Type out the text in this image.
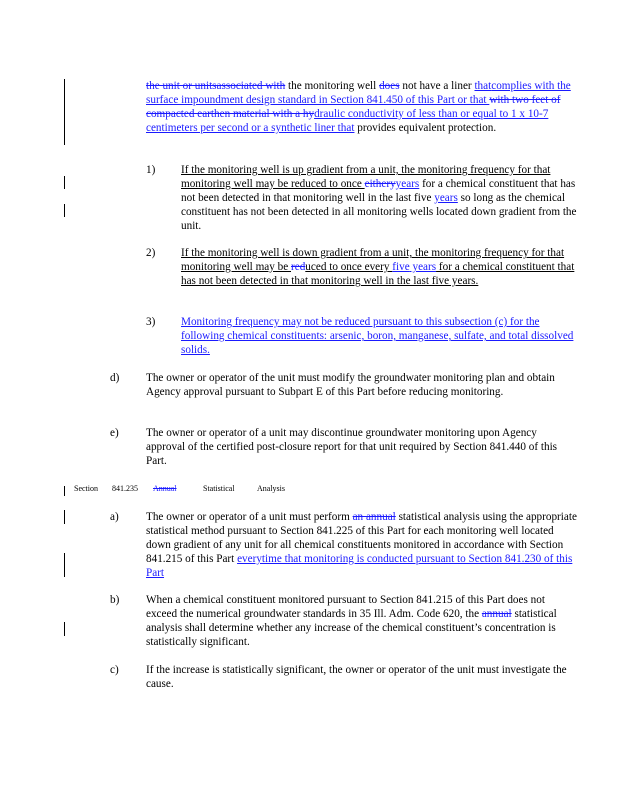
the unit or unitsassociated with the monitoring well does not have a liner thatcomplies with the surface impoundment design standard in Section 841.450 of this Part or that with two feet of compacted earthen material with a hydraulic conductivity of less than or equal to 1 x 10-7 centimeters per second or a synthetic liner that provides equivalent protection.
1) If the monitoring well is up gradient from a unit, the monitoring frequency for that monitoring well may be reduced to once eitheryyears for a chemical constituent that has not been detected in that monitoring well in the last five years so long as the chemical constituent has not been detected in all monitoring wells located down gradient from the unit.
2) If the monitoring well is down gradient from a unit, the monitoring frequency for that monitoring well may be reduced to once every five years for a chemical constituent that has not been detected in that monitoring well in the last five years.
3) Monitoring frequency may not be reduced pursuant to this subsection (c) for the following chemical constituents: arsenic, boron, manganese, sulfate, and total dissolved solids.
d) The owner or operator of the unit must modify the groundwater monitoring plan and obtain Agency approval pursuant to Subpart E of this Part before reducing monitoring.
e) The owner or operator of a unit may discontinue groundwater monitoring upon Agency approval of the certified post-closure report for that unit required by Section 841.440 of this Part.
Section 841.235 Annual	Statistical	Analysis
a) The owner or operator of a unit must perform an annual statistical analysis using the appropriate statistical method pursuant to Section 841.225 of this Part for each monitoring well located down gradient of any unit for all chemical constituents monitored in accordance with Section 841.215 of this Part everytime that monitoring is conducted pursuant to Section 841.230 of this Part
b) When a chemical constituent monitored pursuant to Section 841.215 of this Part does not exceed the numerical groundwater standards in 35 Ill. Adm. Code 620, the annual statistical analysis shall determine whether any increase of the chemical constituent’s concentration is statistically significant.
c) If the increase is statistically significant, the owner or operator of the unit must investigate the cause.
